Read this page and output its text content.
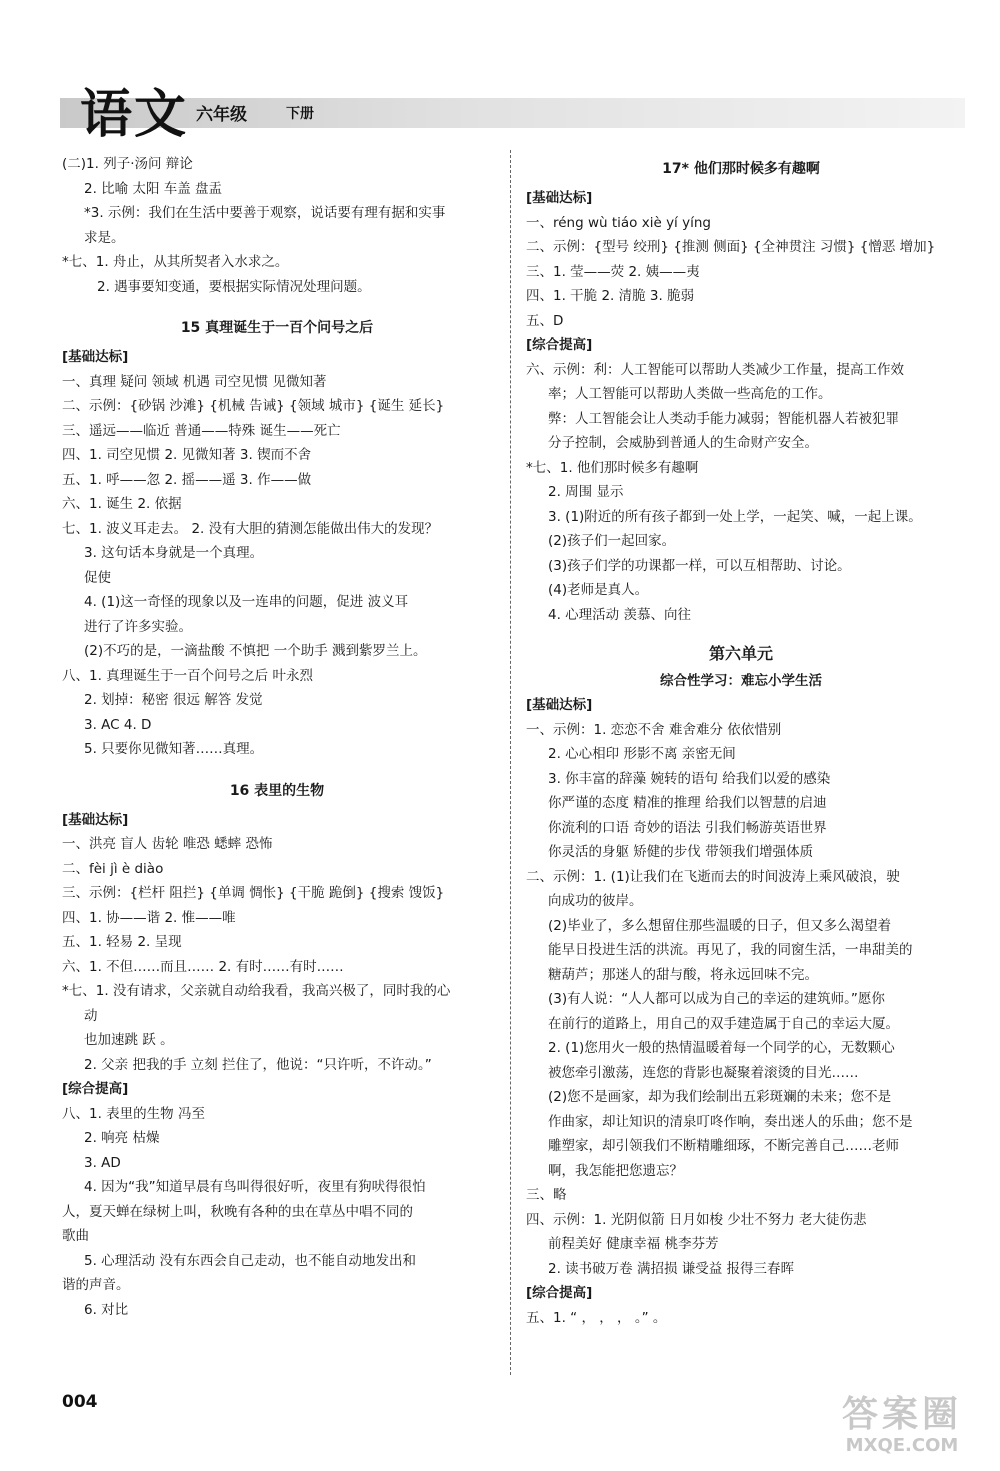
语文 六年级	下册
(二)1. 列子·汤问 辩论
2. 比喻 太阳 车盖 盘盂
*3. 示例：我们在生活中要善于观察，说话要有理有据和实事
求是。
*七、1. 舟止，从其所契者入水求之。
2. 遇事要知变通，要根据实际情况处理问题。
15 真理诞生于一百个问号之后
[基础达标]
一、真理 疑问 领域 机遇 司空见惯 见微知著
二、示例：{砂锅 沙滩} {机械 告诫} {领域 城市} {诞生 延长}
三、遥远——临近 普通——特殊 诞生——死亡
四、1. 司空见惯 2. 见微知著 3. 锲而不舍
五、1. 呼——忽 2. 摇——遥 3. 作——做
六、1. 诞生 2. 依据
七、1. 波义耳走去。 2. 没有大胆的猜测怎能做出伟大的发现？
3. 这句话本身就是一个真理。
促使
4. (1)这一奇怪的现象以及一连串的问题，促进 波义耳
进行了许多实验。
(2)不巧的是，一滴盐酸 不慎把 一个助手 溅到紫罗兰上。
八、1. 真理诞生于一百个问号之后 叶永烈
2. 划掉：秘密 很远 解答 发觉
3. AC 4. D
5. 只要你见微知著……真理。
16 表里的生物
[基础达标]
一、洪亮 盲人 齿轮 唯恐 蟋蟀 恐怖
二、fèi jì è diào
三、示例：{栏杆 阻拦} {单调 惆怅} {干脆 跪倒} {搜索 馊饭}
四、1. 协——谐 2. 惟——唯
五、1. 轻易 2. 呈现
六、1. 不但……而且…… 2. 有时……有时……
*七、1. 没有请求，父亲就自动给我看，我高兴极了，同时我的心
动
也加速跳 跃 。
2. 父亲 把我的手 立刻 拦住了，他说：“只许听，不许动。”
[综合提高]
八、1. 表里的生物 冯至
2. 响亮 枯燥
3. AD
4. 因为“我”知道早晨有鸟叫得很好听，夜里有狗吠得很怕
人，夏天蝉在绿树上叫，秋晚有各种的虫在草丛中唱不同的
歌曲
5. 心理活动 没有东西会自己走动，也不能自动地发出和
谐的声音。
6. 对比
17* 他们那时候多有趣啊
[基础达标]
一、réng wù tiáo xiè yí yíng
二、示例：{型号 绞刑} {推测 侧面} {全神贯注 习惯} {憎恶 增加}
三、1. 莹——荧 2. 姨——夷
四、1. 干脆 2. 清脆 3. 脆弱
五、D
[综合提高]
六、示例：利：人工智能可以帮助人类减少工作量，提高工作效
率；人工智能可以帮助人类做一些高危的工作。
弊：人工智能会让人类动手能力减弱；智能机器人若被犯罪
分子控制，会威胁到普通人的生命财产安全。
*七、1. 他们那时候多有趣啊
2. 周围 显示
3. (1)附近的所有孩子都到一处上学，一起笑、喊，一起上课。
(2)孩子们一起回家。
(3)孩子们学的功课都一样，可以互相帮助、讨论。
(4)老师是真人。
4. 心理活动 羡慕、向往
第六单元
综合性学习：难忘小学生活
[基础达标]
一、示例：1. 恋恋不舍 难舍难分 依依惜别
2. 心心相印 形影不离 亲密无间
3. 你丰富的辞藻 婉转的语句 给我们以爱的感染
你严谨的态度 精准的推理 给我们以智慧的启迪
你流利的口语 奇妙的语法 引我们畅游英语世界
你灵活的身躯 矫健的步伐 带领我们增强体质
二、示例：1. (1)让我们在飞逝而去的时间波涛上乘风破浪，驶
向成功的彼岸。
(2)毕业了，多么想留住那些温暖的日子，但又多么渴望着
能早日投进生活的洪流。再见了，我的同窗生活，一串甜美的
糖葫芦；那迷人的甜与酸，将永远回味不完。
(3)有人说：“人人都可以成为自己的幸运的建筑师。”愿你
在前行的道路上，用自己的双手建造属于自己的幸运大厦。
2. (1)您用火一般的热情温暖着每一个同学的心，无数颗心
被您牵引激荡，连您的背影也凝聚着滚烫的目光……
(2)您不是画家，却为我们绘制出五彩斑斓的未来；您不是
作曲家，却让知识的清泉叮咚作响，奏出迷人的乐曲；您不是
雕塑家，却引领我们不断精雕细琢，不断完善自己……老师
啊，我怎能把您遗忘？
三、略
四、示例：1. 光阴似箭 日月如梭 少壮不努力 老大徒伤悲
前程美好 健康幸福 桃李芬芳
2. 读书破万卷 满招损 谦受益 报得三春晖
[综合提高]
五、1. “ ， ， ， 。” 。
004	答案圈
MXQE.COM
